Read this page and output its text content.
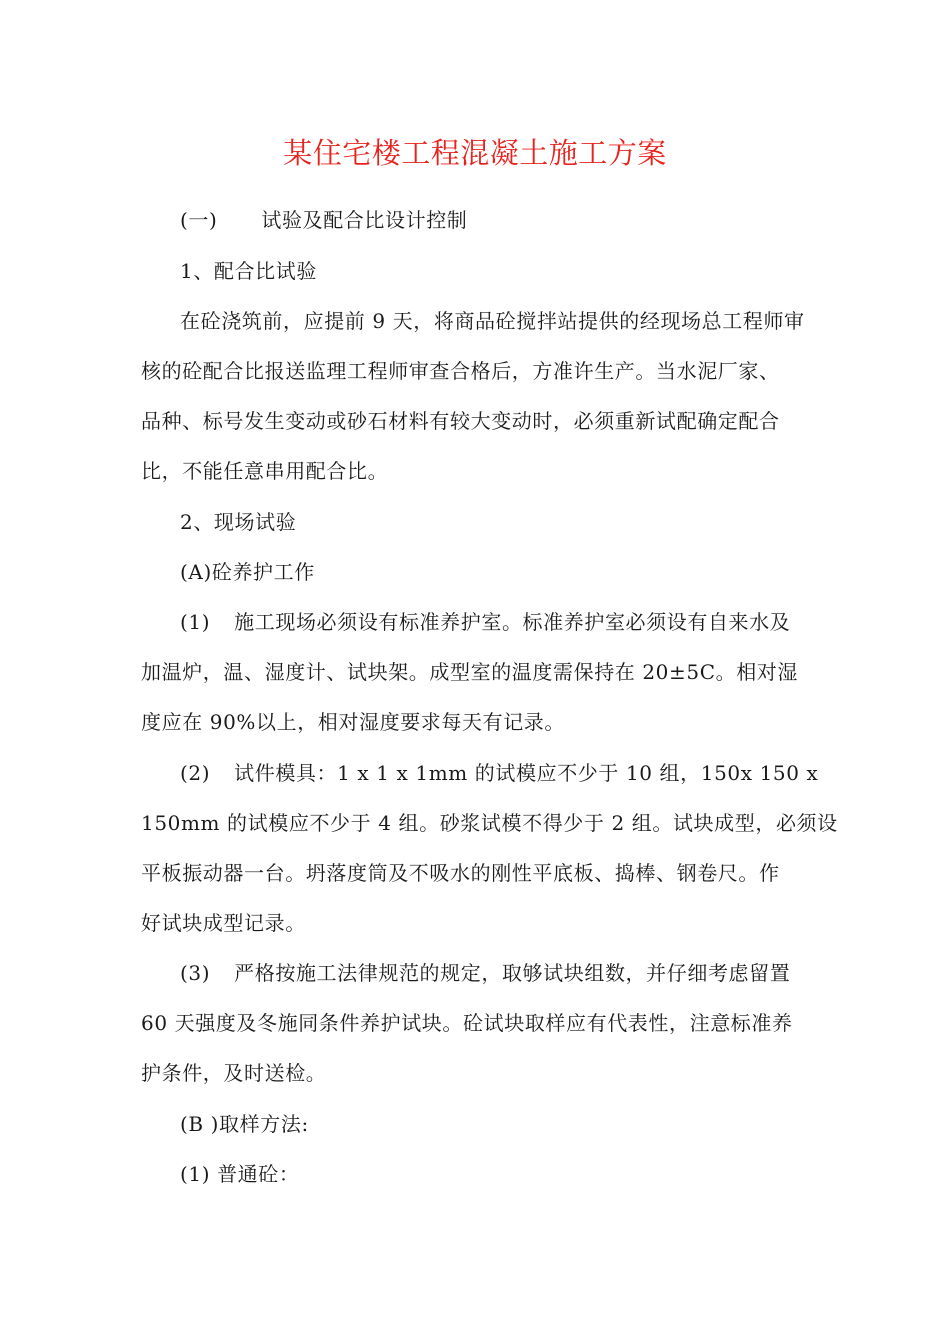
某住宅楼工程混凝土施工方案
(一) 试验及配合比设计控制
1、配合比试验
在砼浇筑前，应提前 9 天，将商品砼搅拌站提供的经现场总工程师审
核的砼配合比报送监理工程师审查合格后，方准许生产。当水泥厂家、
品种、标号发生变动或砂石材料有较大变动时，必须重新试配确定配合
比，不能任意串用配合比。
2、现场试验
(A)砼养护工作
(1) 施工现场必须设有标准养护室。标准养护室必须设有自来水及
加温炉，温、湿度计、试块架。成型室的温度需保持在 20±5C。相对湿
度应在 90%以上，相对湿度要求每天有记录。
(2) 试件模具：1 x 1 x 1mm 的试模应不少于 10 组，150x 150 x
150mm 的试模应不少于 4 组。砂浆试模不得少于 2 组。试块成型，必须设
平板振动器一台。坍落度筒及不吸水的刚性平底板、捣棒、钢卷尺。作
好试块成型记录。
(3) 严格按施工法律规范的规定，取够试块组数，并仔细考虑留置
60 天强度及冬施同条件养护试块。砼试块取样应有代表性，注意标准养
护条件，及时送检。
(B )取样方法:
(1) 普通砼：
